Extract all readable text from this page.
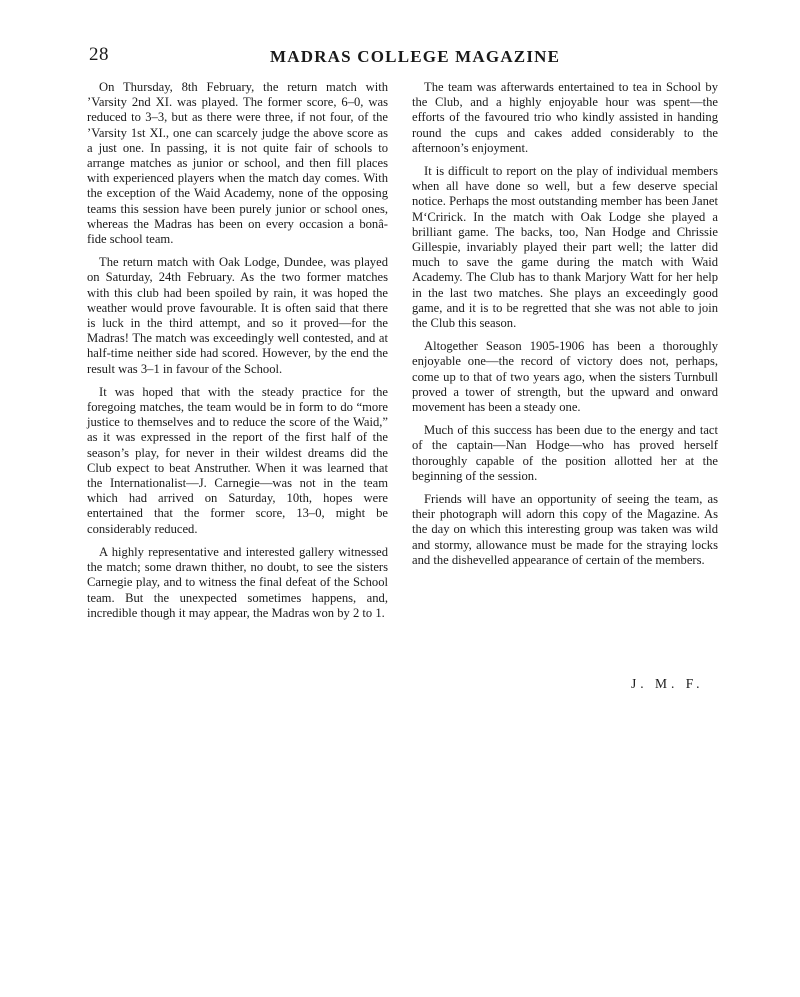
28	MADRAS COLLEGE MAGAZINE

On Thursday, 8th February, the return match with ’Varsity 2nd XI. was played. The former score, 6–0, was reduced to 3–3, but as there were three, if not four, of the ’Varsity 1st XI., one can scarcely judge the above score as a just one. In passing, it is not quite fair of schools to arrange matches as junior or school, and then fill places with experienced players when the match day comes. With the exception of the Waid Academy, none of the opposing teams this session have been purely junior or school ones, whereas the Madras has been on every occasion a bonâ-fide school team.

The return match with Oak Lodge, Dundee, was played on Saturday, 24th February. As the two former matches with this club had been spoiled by rain, it was hoped the weather would prove favourable. It is often said that there is luck in the third attempt, and so it proved—for the Madras! The match was exceedingly well contested, and at half-time neither side had scored. However, by the end the result was 3–1 in favour of the School.

It was hoped that with the steady practice for the foregoing matches, the team would be in form to do “more justice to themselves and to reduce the score of the Waid,” as it was expressed in the report of the first half of the season’s play, for never in their wildest dreams did the Club expect to beat Anstruther. When it was learned that the Internationalist—J. Carnegie—was not in the team which had arrived on Saturday, 10th, hopes were entertained that the former score, 13–0, might be considerably reduced.

A highly representative and interested gallery witnessed the match; some drawn thither, no doubt, to see the sisters Carnegie play, and to witness the final defeat of the School team. But the unexpected sometimes happens, and, incredible though it may appear, the Madras won by 2 to 1.

The team was afterwards entertained to tea in School by the Club, and a highly enjoyable hour was spent—the efforts of the favoured trio who kindly assisted in handing round the cups and cakes added considerably to the afternoon’s enjoyment.

It is difficult to report on the play of individual members when all have done so well, but a few deserve special notice. Perhaps the most outstanding member has been Janet M‘Cririck. In the match with Oak Lodge she played a brilliant game. The backs, too, Nan Hodge and Chrissie Gillespie, invariably played their part well; the latter did much to save the game during the match with Waid Academy. The Club has to thank Marjory Watt for her help in the last two matches. She plays an exceedingly good game, and it is to be regretted that she was not able to join the Club this season.

Altogether Season 1905-1906 has been a thoroughly enjoyable one—the record of victory does not, perhaps, come up to that of two years ago, when the sisters Turnbull proved a tower of strength, but the upward and onward movement has been a steady one.

Much of this success has been due to the energy and tact of the captain—Nan Hodge—who has proved herself thoroughly capable of the position allotted her at the beginning of the session.

Friends will have an opportunity of seeing the team, as their photograph will adorn this copy of the Magazine. As the day on which this interesting group was taken was wild and stormy, allowance must be made for the straying locks and the dishevelled appearance of certain of the members.

J. M. F.
